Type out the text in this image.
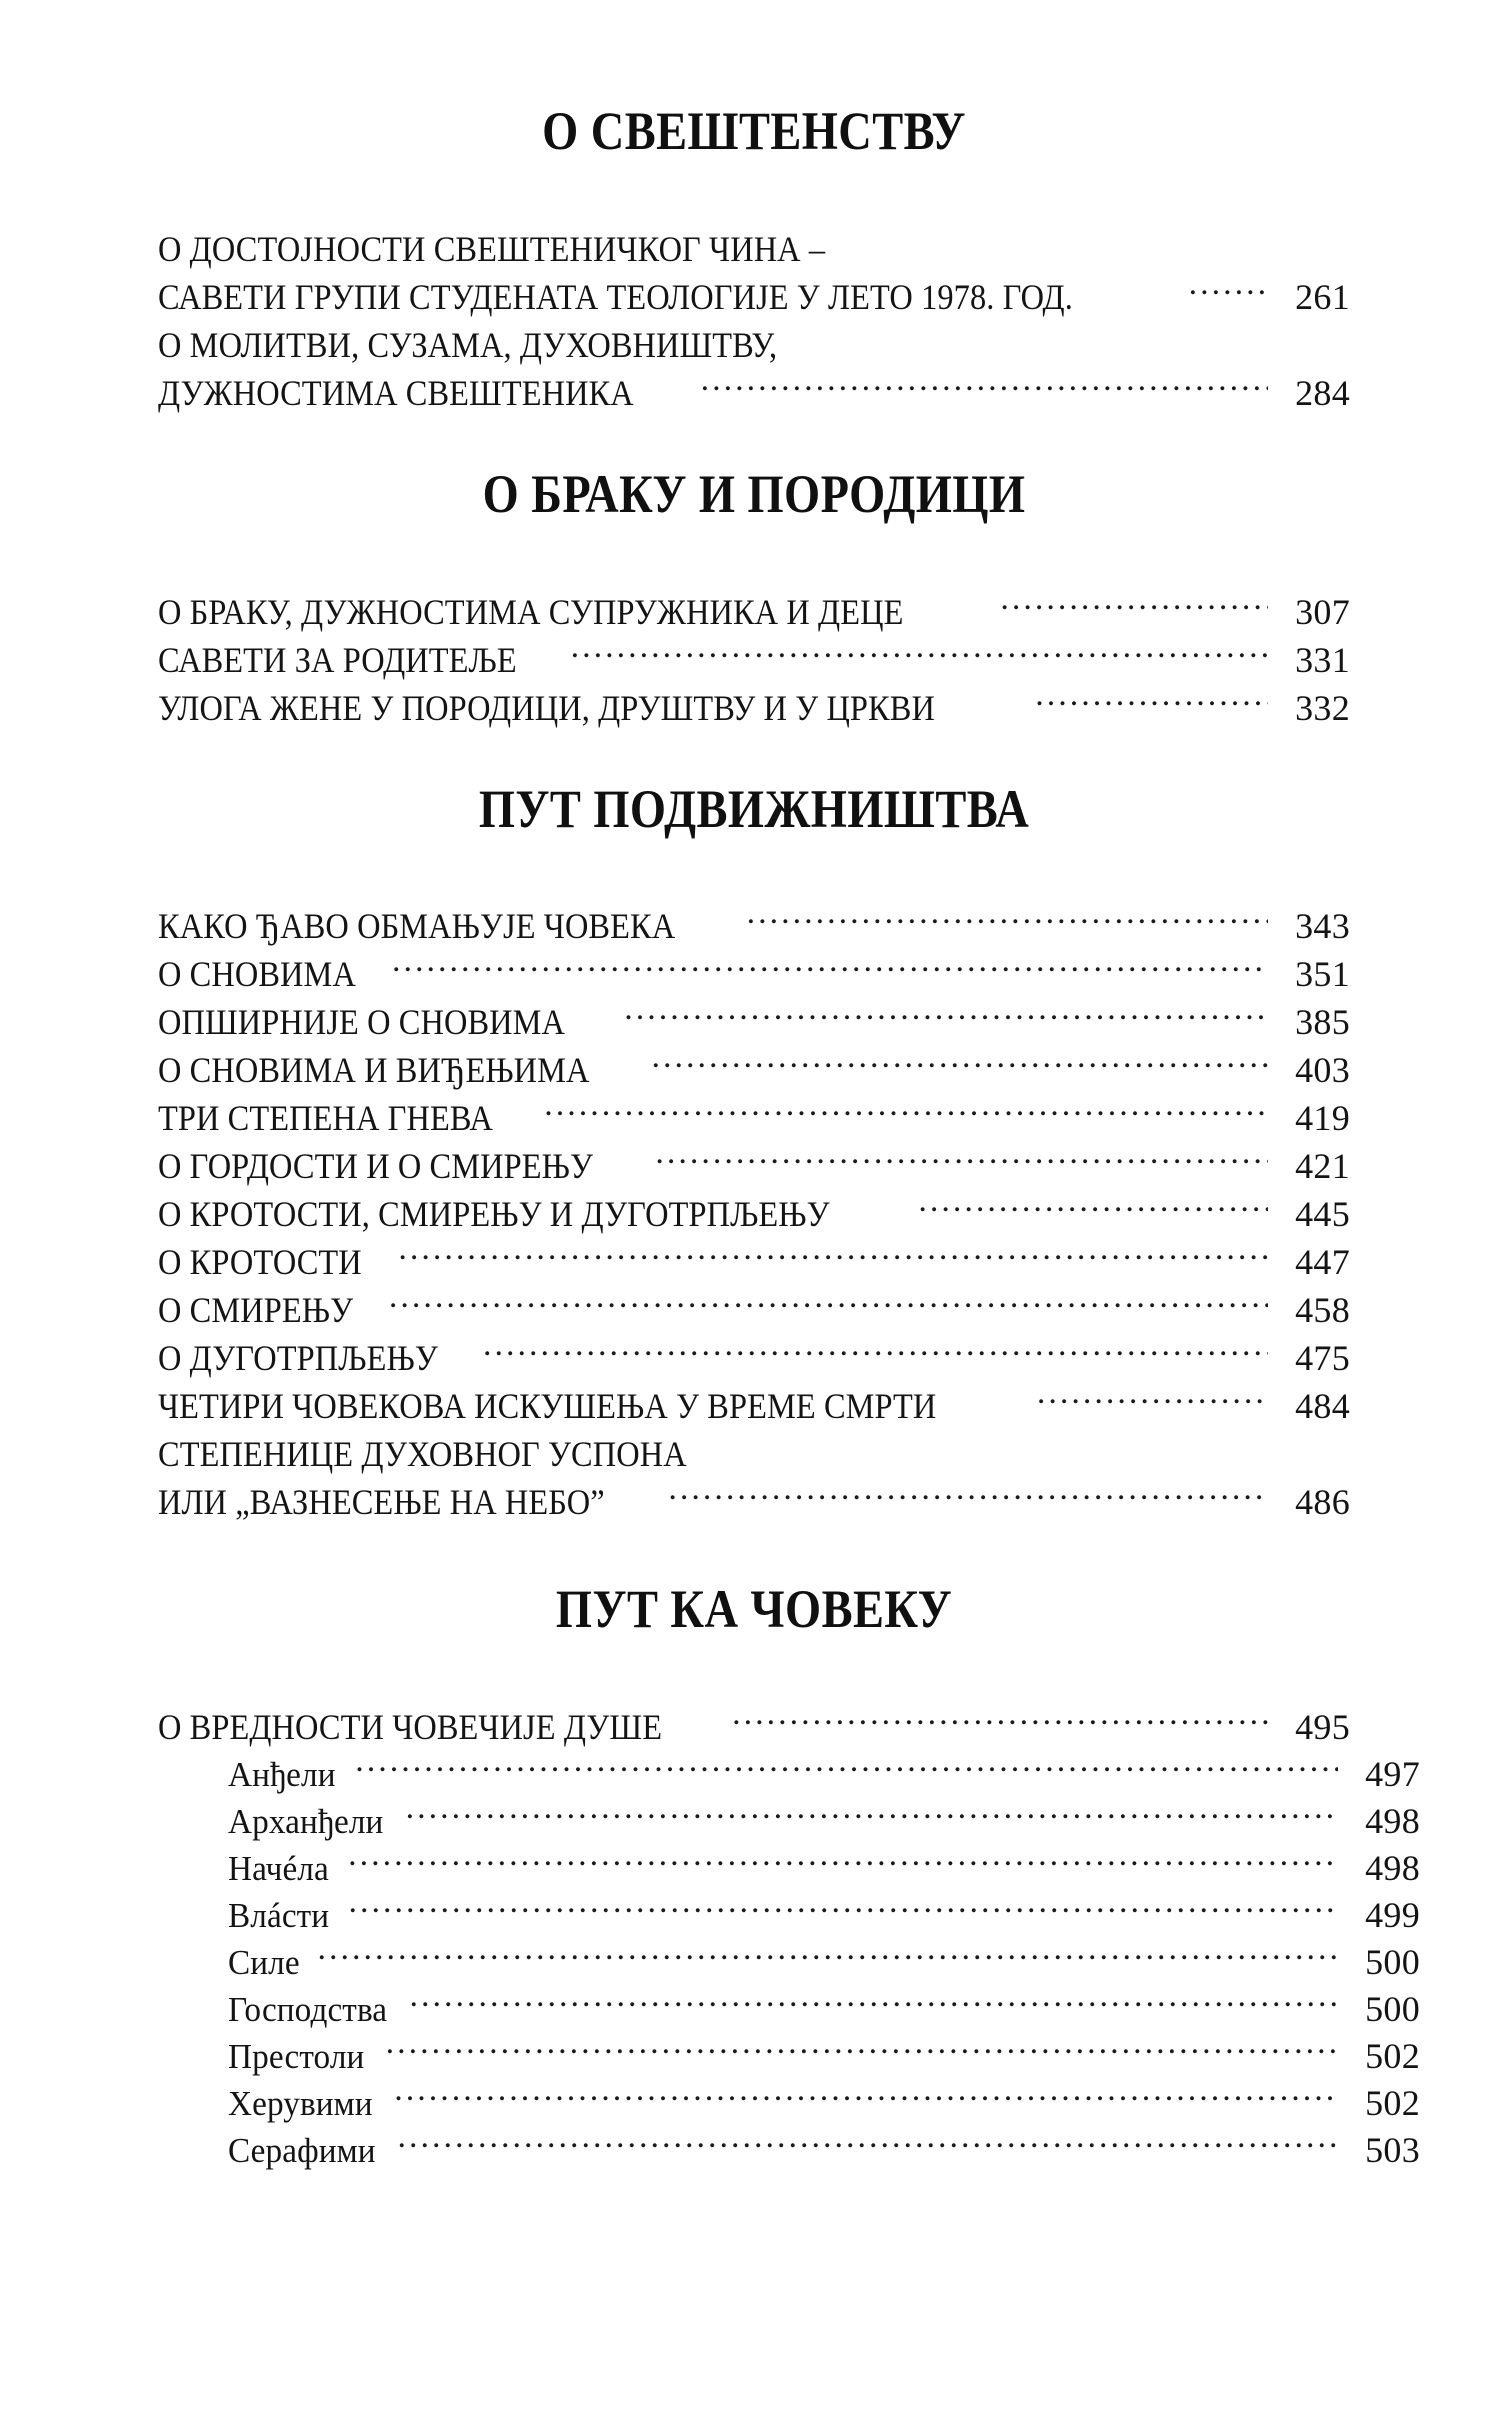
О СВЕШТЕНСТВУ
О ДОСТОЈНОСТИ СВЕШТЕНИЧКОГ ЧИНА –
САВЕТИ ГРУПИ СТУДЕНАТА ТЕОЛОГИЈЕ У ЛЕТО 1978. ГОД. .....	261
О МОЛИТВИ, СУЗАМА, ДУХОВНИШТВУ,
ДУЖНОСТИМА СВЕШТЕНИКА .....	284
О БРАКУ И ПОРОДИЦИ
О БРАКУ, ДУЖНОСТИМА СУПРУЖНИКА И ДЕЦЕ .....	307
САВЕТИ ЗА РОДИТЕЉЕ .....	331
УЛОГА ЖЕНЕ У ПОРОДИЦИ, ДРУШТВУ И У ЦРКВИ .....	332
ПУТ ПОДВИЖНИШТВА
КАКО ЂАВО ОБМАЊУЈЕ ЧОВЕКА .....	343
О СНОВИМА .....	351
ОПШИРНИЈЕ О СНОВИМА .....	385
О СНОВИМА И ВИЂЕЊИМА .....	403
ТРИ СТЕПЕНА ГНЕВА .....	419
О ГОРДОСТИ И О СМИРЕЊУ .....	421
О КРОТОСТИ, СМИРЕЊУ И ДУГОТРПЉЕЊУ .....	445
О КРОТОСТИ .....	447
О СМИРЕЊУ .....	458
О ДУГОТРПЉЕЊУ .....	475
ЧЕТИРИ ЧОВЕКОВА ИСКУШЕЊА У ВРЕМЕ СМРТИ .....	484
СТЕПЕНИЦЕ ДУХОВНОГ УСПОНА
ИЛИ „ВАЗНЕСЕЊЕ НА НЕБО” .....	486
ПУТ КА ЧОВЕКУ
О ВРЕДНОСТИ ЧОВЕЧИЈЕ ДУШЕ .....	495
Анђели .....	497
Арханђели .....	498
Начéла .....	498
Влáсти .....	499
Силе .....	500
Господства .....	500
Престоли .....	502
Херувими .....	502
Серафими .....	503
